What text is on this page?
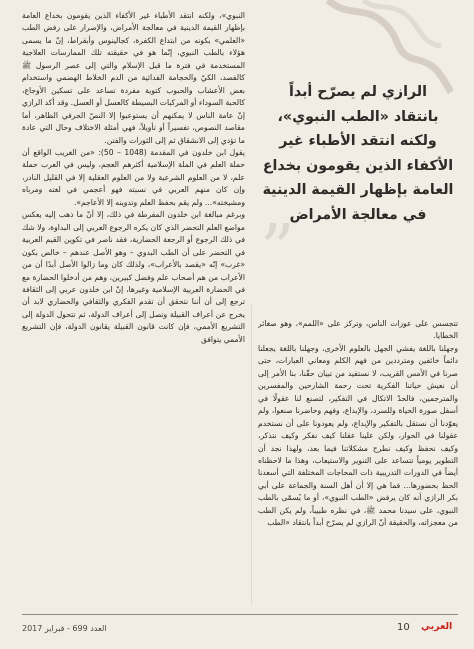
النبوي»، ولكنه انتقد الأطباء غير الأكفاء الذين يقومون بخداع العامة بإظهار القيمة الدينية في معالجة الأمراض، والإصرار على رفض الطب «العلمي» بكونه من ابتداع الكفرة، كجالينوس وأبقراط، إنّ ما يسمى هؤلاء بالطب النبوي، إنّما هو في حقيقته تلك الممارسات العلاجية المستخدمة في فترة ما قبل الإسلام والتي إلى عصر الرسول ﷺ كالفصد، الكيّ والحجامة الفدائية من الدم الخلاط الهضمي واستخدام بعض الأعشاب والحبوب كتوية مفردة تساعد على تسكين الأوجاع، كالحبة السوداء أو المركبات البسيطة كالعسل أو العسل. وقد أكد الرازي إنّ عامة الناس لا يمكنهم أن يستوعبوا إلا النصّ الحرفي الظاهر، أما مقاصد النصوص، تفسيراً أو تأويلاً، فهي أمثلة الاختلاف وحال التي عادة ما تؤدي إلى الانشقاق ثم إلى الثورات والفتن.

يقول ابن خلدون في المقدمة (1048 – 50): «من الغريب الواقع أن حملة العلم في الملة الإسلامية أكثرهم العجم، وليس في العرب حملة علم، لا من العلوم الشرعية ولا من العلوم العقلية إلا في القليل النادر، وإن كان منهم العربي في نسبته فهو أعجمي في لغته ومرباه ومشيخته»... ولم يقم بحفظ العلم وتدوينه إلا الأعاجم».

وبرغم مبالغة ابن خلدون المفرطة في ذلك، إلا أنّ ما ذهب إليه يعكس مواضع العلم التحضر الذي كان يكره الرجوع العربي إلى البداوة، ولا شك في ذلك الرجوع أو الرجعة الحضارية، فقد ناصر في تكوين القيم العربية في التحضر على أن الطب البدوي – وهو الأصل عندهم – خالص بكون «غرب» إنّه «يقصد بالأعراب»، ولذلك كان وما زالوا الأصل أبدًا أن من الأعراب من هم أصحاب علم وفضل كبيرين، وهم من أدخلوا الحضارة مع في الحضارة العربية الإسلامية وغيرها، إنّ ابن خلدون عربي إلى الثقافة ترجع إلى أن أننا نتحقق أن تقدم الفكري والثقافي والحضاري لابد أن يخرج عن أعراف القبيلة وتصل إلى أعراف الدولة، ثم تتحول الدولة إلى التشريع الأممي، فإن كانت قانون القبيلة يقانون الدولة، فإن التشريع الأممي يتوافق

الرازي لم يصرّح أبداً
بانتقاد «الطب النبوي»،
ولكنه انتقد الأطباء غير
الأكفاء الذين يقومون بخداع
العامة بإظهار القيمة الدينية
في معالجة الأمراض
”

تتجسس على عورات الناس، وتركز على «اللمم»، وهو صغائر الخطايا.

وجهلنا باللغة يفشي الجهل بالعلوم الأخرى، وجهلنا باللغة يجعلنا دائماً خائفين ومترددين من فهم الكلم ومعاني العبارات، حتى صرنا في الأمس القريب، لا نستفيد من تبيان حقّنا، بنا الأمر إلى أن نعيش حياتنا الفكرية تحت رحمة الشارحين والمفسرين والمترجمين، فالحدّ الاتكال في التفكير، لتصنع لنا عقولًا في أسفل صورة الحياة وللسرد، والإبداع، وفهم وحاضرنا صنعوا، ولم يعوّدنا أن نستقل بالتفكير والإبداع، ولم يعودونا على أن نستخدم عقولنا في الحوار، ولكن علينا عقلنا كيف نفكر وكيف نتذكر، وكيف نحفظ وكيف نطرح مشكلاتنا فيما بعد، ولهذا نجد أن التطوير يومياً تتساعد على التنوير والاستيعاب، وهذا ما لاحظناه أيضاً في الدورات التدريبية ذات المحاجات المختلفة التي أسعدنا الحظ بحضورها... فما هي إلا أن أهل السنة والجماعة على أبي بكر الرازي أنه كان يرفض «الطب النبوي»، أو ما يُسمّى بالطب النبوي، على سيدنا محمد ﷺ، في نظره طبيباً، ولم يكن الطب من معجزاته، والحقيقة أنّ الرازي لم يصرّح أبداً بانتقاد «الطب

العدد 699 - فبراير 2017	10 العربي
